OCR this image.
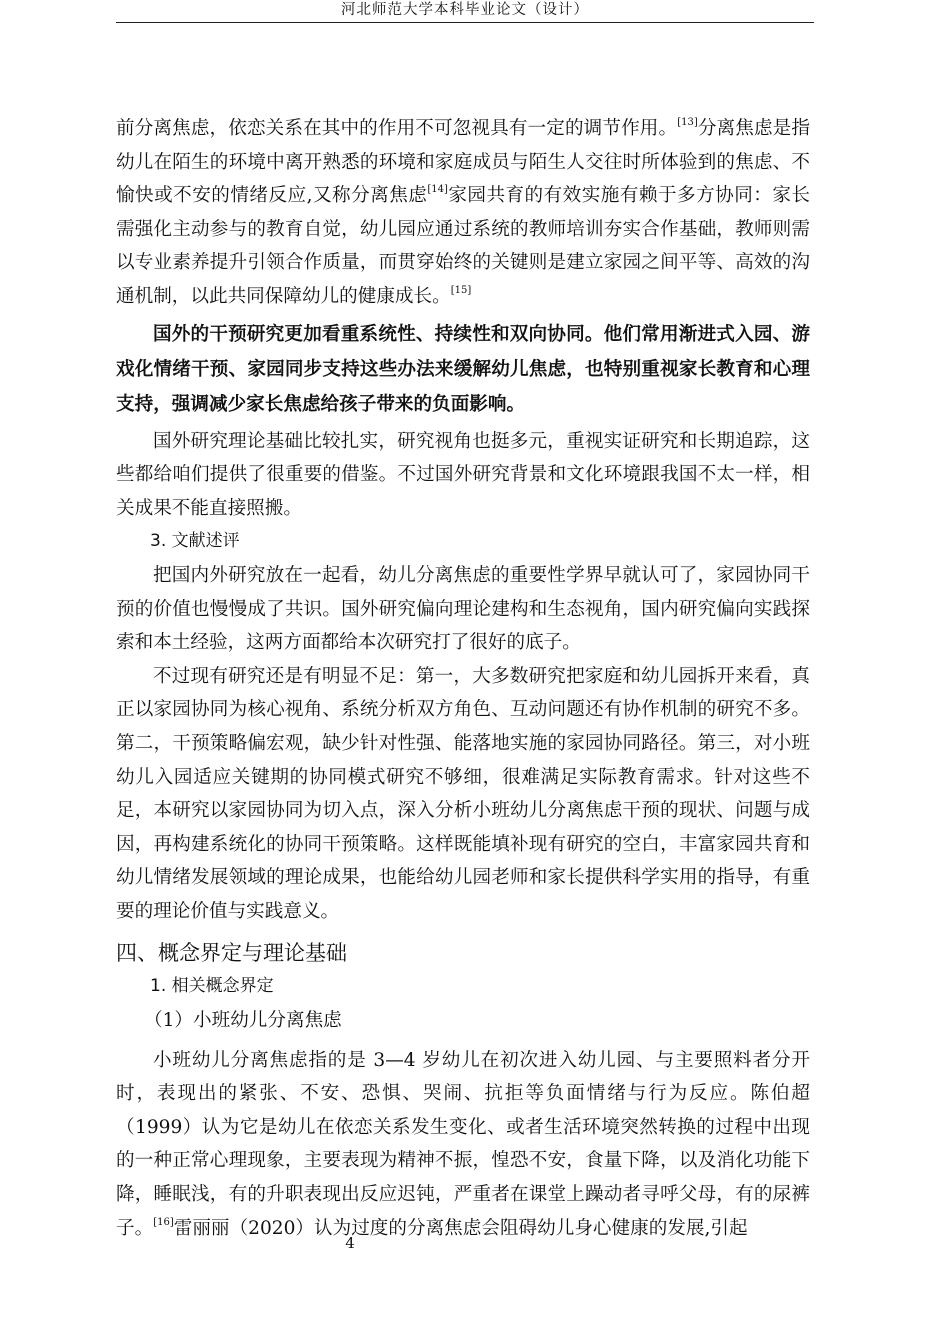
河北师范大学本科毕业论文（设计）

前分离焦虑，依恋关系在其中的作用不可忽视具有一定的调节作用。[13]分离焦虑是指幼儿在陌生的环境中离开熟悉的环境和家庭成员与陌生人交往时所体验到的焦虑、不愉快或不安的情绪反应,又称分离焦虑[14]家园共育的有效实施有赖于多方协同：家长需强化主动参与的教育自觉，幼儿园应通过系统的教师培训夯实合作基础，教师则需以专业素养提升引领合作质量，而贯穿始终的关键则是建立家园之间平等、高效的沟通机制，以此共同保障幼儿的健康成长。[15]

国外的干预研究更加看重系统性、持续性和双向协同。他们常用渐进式入园、游戏化情绪干预、家园同步支持这些办法来缓解幼儿焦虑，也特别重视家长教育和心理支持，强调减少家长焦虑给孩子带来的负面影响。

国外研究理论基础比较扎实，研究视角也挺多元，重视实证研究和长期追踪，这些都给咱们提供了很重要的借鉴。不过国外研究背景和文化环境跟我国不太一样，相关成果不能直接照搬。

3. 文献述评

把国内外研究放在一起看，幼儿分离焦虑的重要性学界早就认可了，家园协同干预的价值也慢慢成了共识。国外研究偏向理论建构和生态视角，国内研究偏向实践探索和本土经验，这两方面都给本次研究打了很好的底子。

不过现有研究还是有明显不足：第一，大多数研究把家庭和幼儿园拆开来看，真正以家园协同为核心视角、系统分析双方角色、互动问题还有协作机制的研究不多。第二，干预策略偏宏观，缺少针对性强、能落地实施的家园协同路径。第三，对小班幼儿入园适应关键期的协同模式研究不够细，很难满足实际教育需求。针对这些不足，本研究以家园协同为切入点，深入分析小班幼儿分离焦虑干预的现状、问题与成因，再构建系统化的协同干预策略。这样既能填补现有研究的空白，丰富家园共育和幼儿情绪发展领域的理论成果，也能给幼儿园老师和家长提供科学实用的指导，有重要的理论价值与实践意义。

四、概念界定与理论基础
1. 相关概念界定
（1）小班幼儿分离焦虑

小班幼儿分离焦虑指的是 3—4 岁幼儿在初次进入幼儿园、与主要照料者分开时，表现出的紧张、不安、恐惧、哭闹、抗拒等负面情绪与行为反应。陈伯超（1999）认为它是幼儿在依恋关系发生变化、或者生活环境突然转换的过程中出现的一种正常心理现象，主要表现为精神不振，惶恐不安，食量下降，以及消化功能下降，睡眠浅，有的升职表现出反应迟钝，严重者在课堂上躁动者寻呼父母，有的尿裤子。[16]雷丽丽（2020）认为过度的分离焦虑会阻碍幼儿身心健康的发展,引起

4
